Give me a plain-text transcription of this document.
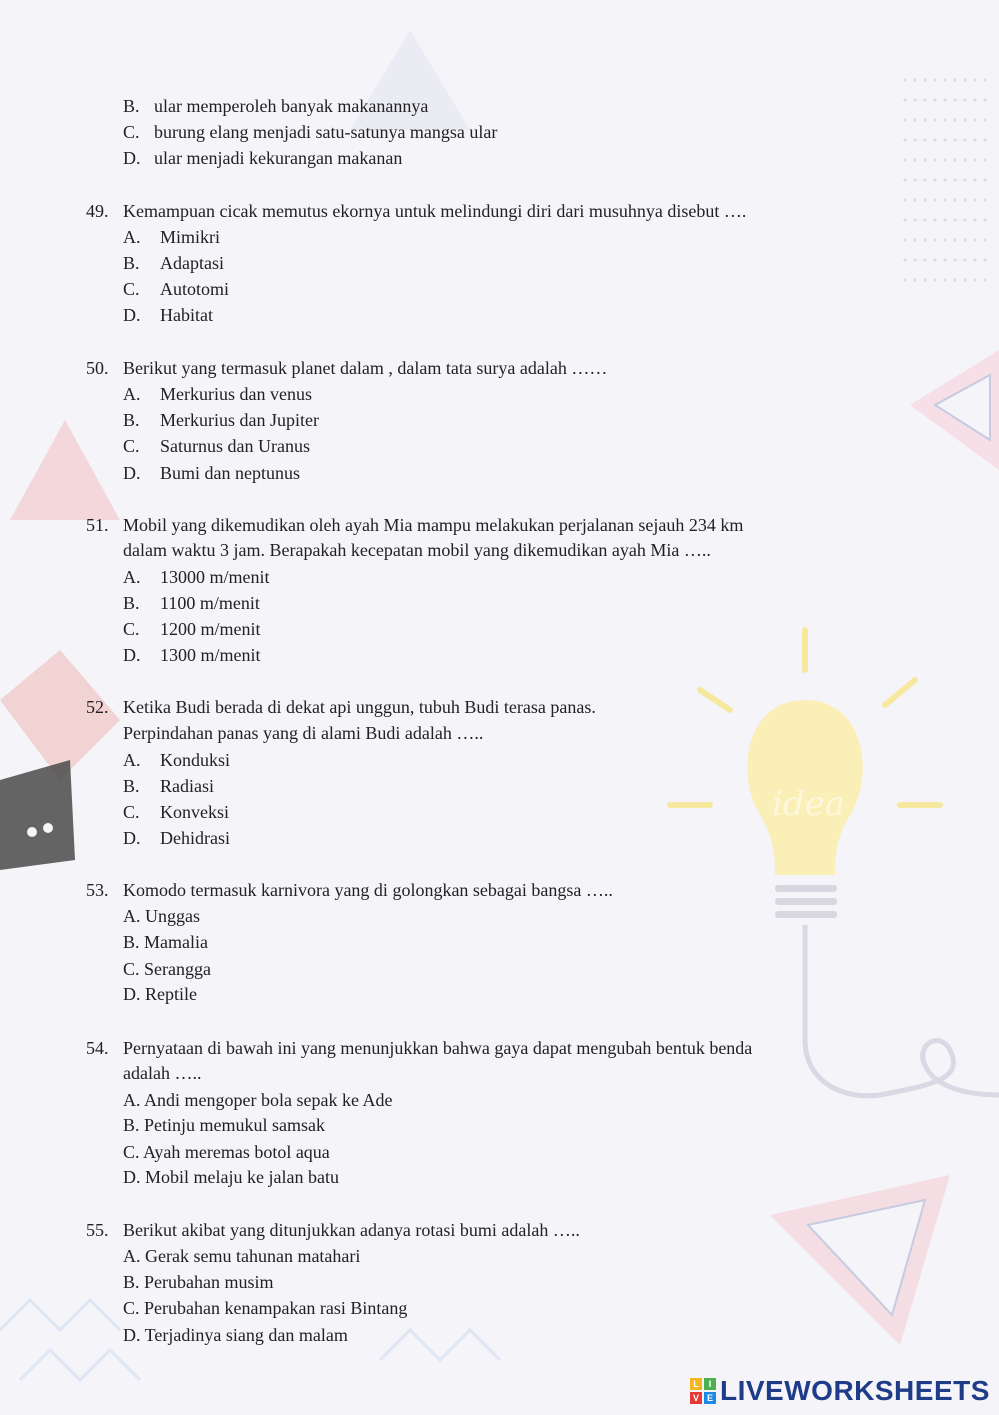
idea
B. ular memperoleh banyak makanannya
C. burung elang menjadi satu-satunya mangsa ular
D. ular menjadi kekurangan makanan
49. Kemampuan cicak memutus ekornya untuk melindungi diri dari musuhnya disebut ….
A. Mimikri
B. Adaptasi
C. Autotomi
D. Habitat
50. Berikut yang termasuk planet dalam , dalam tata surya adalah ……
A. Merkurius dan venus
B. Merkurius dan Jupiter
C. Saturnus dan Uranus
D. Bumi dan neptunus
51. Mobil yang dikemudikan oleh ayah Mia mampu melakukan perjalanan sejauh 234 km
dalam waktu 3 jam. Berapakah kecepatan mobil yang dikemudikan ayah Mia …..
A. 13000 m/menit
B. 1100 m/menit
C. 1200 m/menit
D. 1300 m/menit
52. Ketika Budi berada di dekat api unggun, tubuh Budi terasa panas.
Perpindahan panas yang di alami Budi adalah …..
A. Konduksi
B. Radiasi
C. Konveksi
D. Dehidrasi
53. Komodo termasuk karnivora yang di golongkan sebagai bangsa …..
A. Unggas
B. Mamalia
C. Serangga
D. Reptile
54. Pernyataan di bawah ini yang menunjukkan bahwa gaya dapat mengubah bentuk benda
adalah …..
A. Andi mengoper bola sepak ke Ade
B. Petinju memukul samsak
C. Ayah meremas botol aqua
D. Mobil melaju ke jalan batu
55. Berikut akibat yang ditunjukkan adanya rotasi bumi adalah …..
A. Gerak semu tahunan matahari
B. Perubahan musim
C. Perubahan kenampakan rasi Bintang
D. Terjadinya siang dan malam
L	I
V E LIVEWORKSHEETS
